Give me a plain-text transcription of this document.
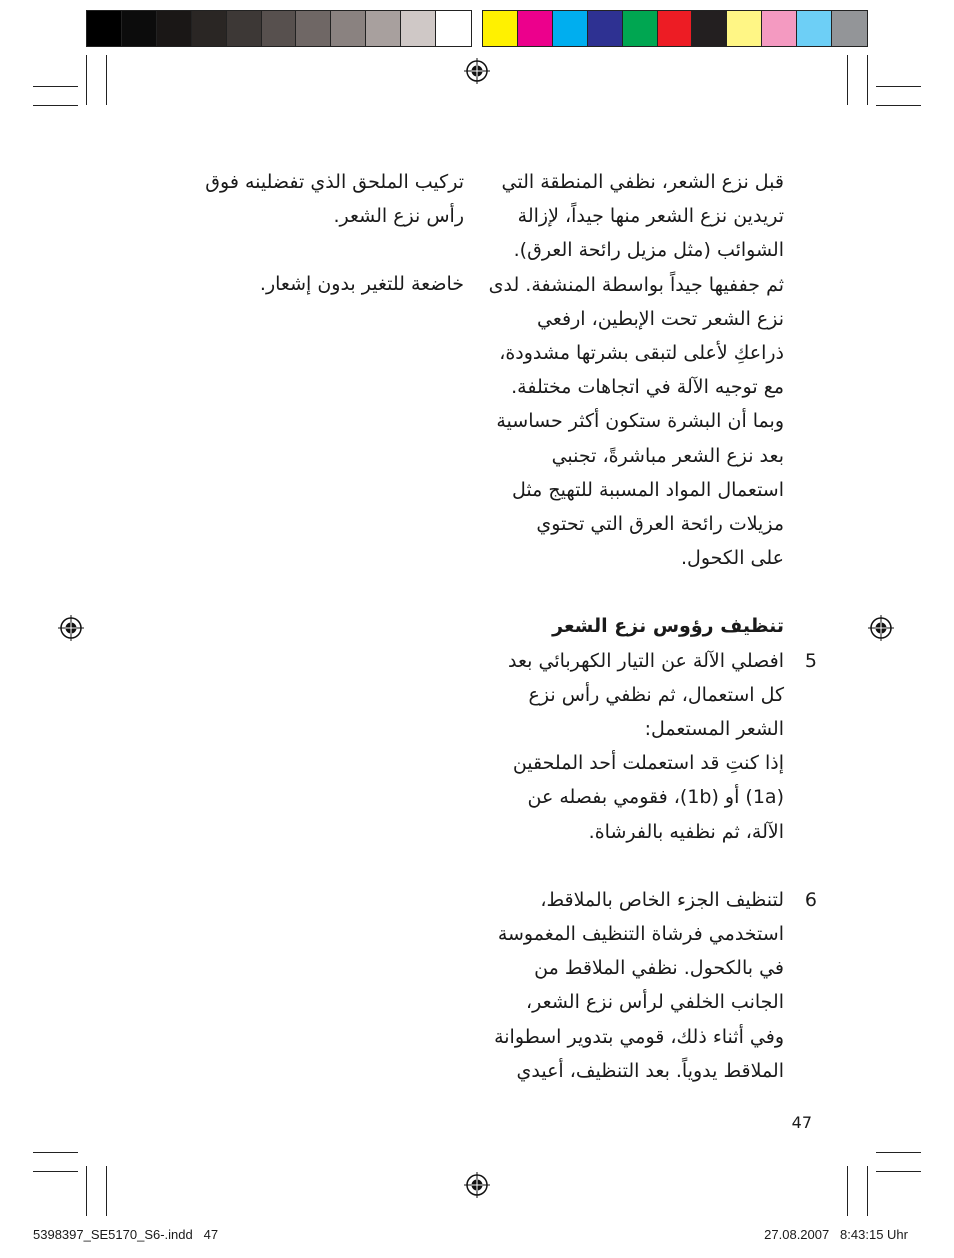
تركيب الملحق الذي تفضلينه فوق

رأس نزع الشعر.

خاضعة للتغير بدون إشعار.

قبل نزع الشعر، نظفي المنطقة التي

تريدين نزع الشعر منها جيداً، لإزالة

الشوائب (مثل مزيل رائحة العرق).

ثم جففيها جيداً بواسطة المنشفة. لدى

نزع الشعر تحت الإبطين، ارفعي

ذراعكِ لأعلى لتبقى بشرتها مشدودة،

مع توجيه الآلة في اتجاهات مختلفة.

وبما أن البشرة ستكون أكثر حساسية

بعد نزع الشعر مباشرةً، تجنبي

استعمال المواد المسببة للتهيج مثل

مزيلات رائحة العرق التي تحتوي

على الكحول.

تنظيف رؤوس نزع الشعر

5

افصلي الآلة عن التيار الكهربائي بعد

كل استعمال، ثم نظفي رأس نزع

الشعر المستعمل:

إذا كنتِ قد استعملت أحد الملحقين

(1a) أو (1b)، فقومي بفصله عن

الآلة، ثم نظفيه بالفرشاة.

6

لتنظيف الجزء الخاص بالملاقط،

استخدمي فرشاة التنظيف المغموسة

في بالكحول. نظفي الملاقط من

الجانب الخلفي لرأس نزع الشعر،

وفي أثناء ذلك، قومي بتدوير اسطوانة

الملاقط يدوياً. بعد التنظيف، أعيدي

47
5398397_SE5170_S6-.indd   47	27.08.2007   8:43:15 Uhr
